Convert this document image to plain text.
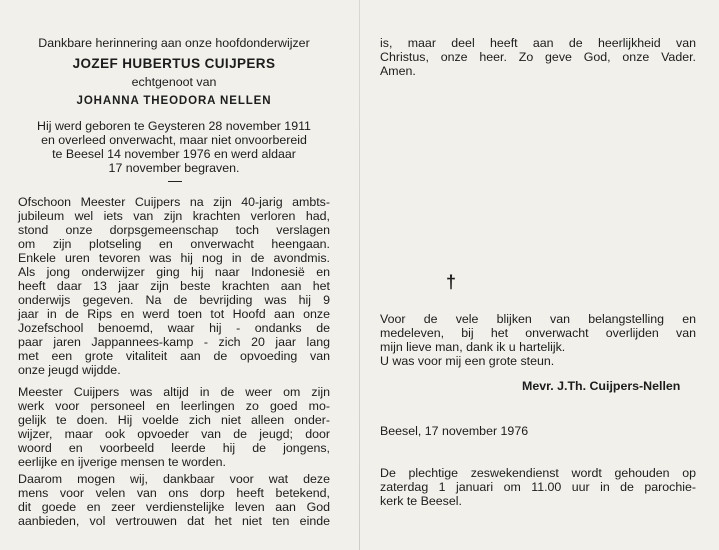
Dankbare herinnering aan onze hoofdonderwijzer
JOZEF HUBERTUS CUIJPERS
echtgenoot van
JOHANNA THEODORA NELLEN
Hij werd geboren te Geysteren 28 november 1911
en overleed onverwacht, maar niet onvoorbereid
te Beesel 14 november 1976 en werd aldaar
17 november begraven.
Ofschoon Meester Cuijpers na zijn 40-jarig ambts-
jubileum wel iets van zijn krachten verloren had,
stond onze dorpsgemeenschap toch verslagen
om zijn plotseling en onverwacht heengaan.
Enkele uren tevoren was hij nog in de avondmis.
Als jong onderwijzer ging hij naar Indonesië en
heeft daar 13 jaar zijn beste krachten aan het
onderwijs gegeven. Na de bevrijding was hij 9
jaar in de Rips en werd toen tot Hoofd aan onze
Jozefschool benoemd, waar hij - ondanks de
paar jaren Jappannees-kamp - zich 20 jaar lang
met een grote vitaliteit aan de opvoeding van
onze jeugd wijdde.
Meester Cuijpers was altijd in de weer om zijn
werk voor personeel en leerlingen zo goed mo-
gelijk te doen. Hij voelde zich niet alleen onder-
wijzer, maar ook opvoeder van de jeugd; door
woord en voorbeeld leerde hij de jongens,
eerlijke en ijverige mensen te worden.
Daarom mogen wij, dankbaar voor wat deze
mens voor velen van ons dorp heeft betekend,
dit goede en zeer verdienstelijke leven aan God
aanbieden, vol vertrouwen dat het niet ten einde
is, maar deel heeft aan de heerlijkheid van
Christus, onze heer. Zo geve God, onze Vader.
Amen.
†
Voor de vele blijken van belangstelling en
medeleven, bij het onverwacht overlijden van
mijn lieve man, dank ik u hartelijk.
U was voor mij een grote steun.
Mevr. J.Th. Cuijpers-Nellen
Beesel, 17 november 1976
De plechtige zeswekendienst wordt gehouden op
zaterdag 1 januari om 11.00 uur in de parochie-
kerk te Beesel.
